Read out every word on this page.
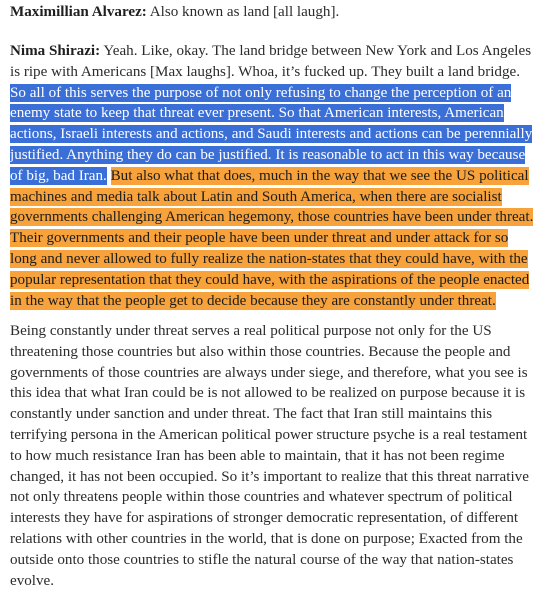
Maximillian Alvarez: Also known as land [all laugh].

Nima Shirazi: Yeah. Like, okay. The land bridge between New York and Los Angeles is ripe with Americans [Max laughs]. Whoa, it’s fucked up. They built a land bridge. So all of this serves the purpose of not only refusing to change the perception of an enemy state to keep that threat ever present. So that American interests, American actions, Israeli interests and actions, and Saudi interests and actions can be perennially justified. Anything they do can be justified. It is reasonable to act in this way because of big, bad Iran. But also what that does, much in the way that we see the US political machines and media talk about Latin and South America, when there are socialist governments challenging American hegemony, those countries have been under threat. Their governments and their people have been under threat and under attack for so long and never allowed to fully realize the nation-states that they could have, with the popular representation that they could have, with the aspirations of the people enacted in the way that the people get to decide because they are constantly under threat.

Being constantly under threat serves a real political purpose not only for the US threatening those countries but also within those countries. Because the people and governments of those countries are always under siege, and therefore, what you see is this idea that what Iran could be is not allowed to be realized on purpose because it is constantly under sanction and under threat. The fact that Iran still maintains this terrifying persona in the American political power structure psyche is a real testament to how much resistance Iran has been able to maintain, that it has not been regime changed, it has not been occupied. So it’s important to realize that this threat narrative not only threatens people within those countries and whatever spectrum of political interests they have for aspirations of stronger democratic representation, of different relations with other countries in the world, that is done on purpose; Exacted from the outside onto those countries to stifle the natural course of the way that nation-states evolve.
